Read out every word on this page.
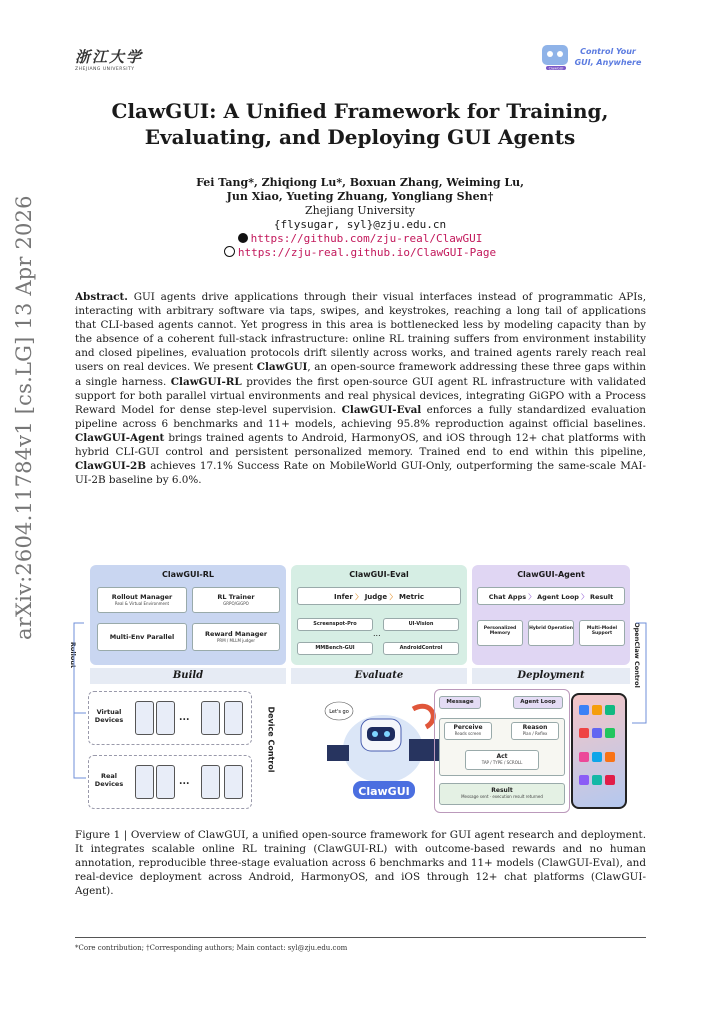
浙江大学
ZHEJIANG UNIVERSITY	ClawGUI
Control Your
GUI, Anywhere
arXiv:2604.11784v1 [cs.LG] 13 Apr 2026
ClawGUI: A Unified Framework for Training,
Evaluating, and Deploying GUI Agents
Fei Tang*, Zhiqiong Lu*, Boxuan Zhang, Weiming Lu,
Jun Xiao, Yueting Zhuang, Yongliang Shen†
Zhejiang University
{flysugar, syl}@zju.edu.cn
https://github.com/zju-real/ClawGUI
https://zju-real.github.io/ClawGUI-Page
Abstract. GUI agents drive applications through their visual interfaces instead of programmatic APIs, interacting with arbitrary software via taps, swipes, and keystrokes, reaching a long tail of applications that CLI-based agents cannot. Yet progress in this area is bottlenecked less by modeling capacity than by the absence of a coherent full-stack infrastructure: online RL training suffers from environment instability and closed pipelines, evaluation protocols drift silently across works, and trained agents rarely reach real users on real devices. We present ClawGUI, an open-source framework addressing these three gaps within a single harness. ClawGUI-RL provides the first open-source GUI agent RL infrastructure with validated support for both parallel virtual environments and real physical devices, integrating GiGPO with a Process Reward Model for dense step-level supervision. ClawGUI-Eval enforces a fully standardized evaluation pipeline across 6 benchmarks and 11+ models, achieving 95.8% reproduction against official baselines. ClawGUI-Agent brings trained agents to Android, HarmonyOS, and iOS through 12+ chat platforms with hybrid CLI-GUI control and persistent personalized memory. Trained end to end within this pipeline, ClawGUI-2B achieves 17.1% Success Rate on MobileWorld GUI-Only, outperforming the same-scale MAI-UI-2B baseline by 6.0%.
ClawGUI-RL
Rollout Manager
Real & Virtual Environment
RL Trainer
GRPO/GiGPO
Multi-Env Parallel	Reward Manager
PRM / MLLM judger
ClawGUI-Eval
Infer 〉 Judge 〉 Metric
Screenspot-Pro	UI-Vision
...
MMBench-GUI	AndroidControl
ClawGUI-Agent
Chat Apps 〉 Agent Loop 〉 Result
Personalized Memory
Hybrid Operation	Multi-Model Support
Rollout	OpenClaw Control
Build	Evaluate	Deployment
Virtual Devices	...
Real Devices	...
Device Control
ClawGUI
Let's go
Message	Agent Loop
Perceive
Reads screen
Reason
Plan / Reflex
Act
TAP / TYPE / SCROLL
Result
Message sent · execution result returned
Figure 1 | Overview of ClawGUI, a unified open-source framework for GUI agent research and deployment. It integrates scalable online RL training (ClawGUI-RL) with outcome-based rewards and no human annotation, reproducible three-stage evaluation across 6 benchmarks and 11+ models (ClawGUI-Eval), and real-device deployment across Android, HarmonyOS, and iOS through 12+ chat platforms (ClawGUI-Agent).
*Core contribution; †Corresponding authors; Main contact: syl@zju.edu.com
